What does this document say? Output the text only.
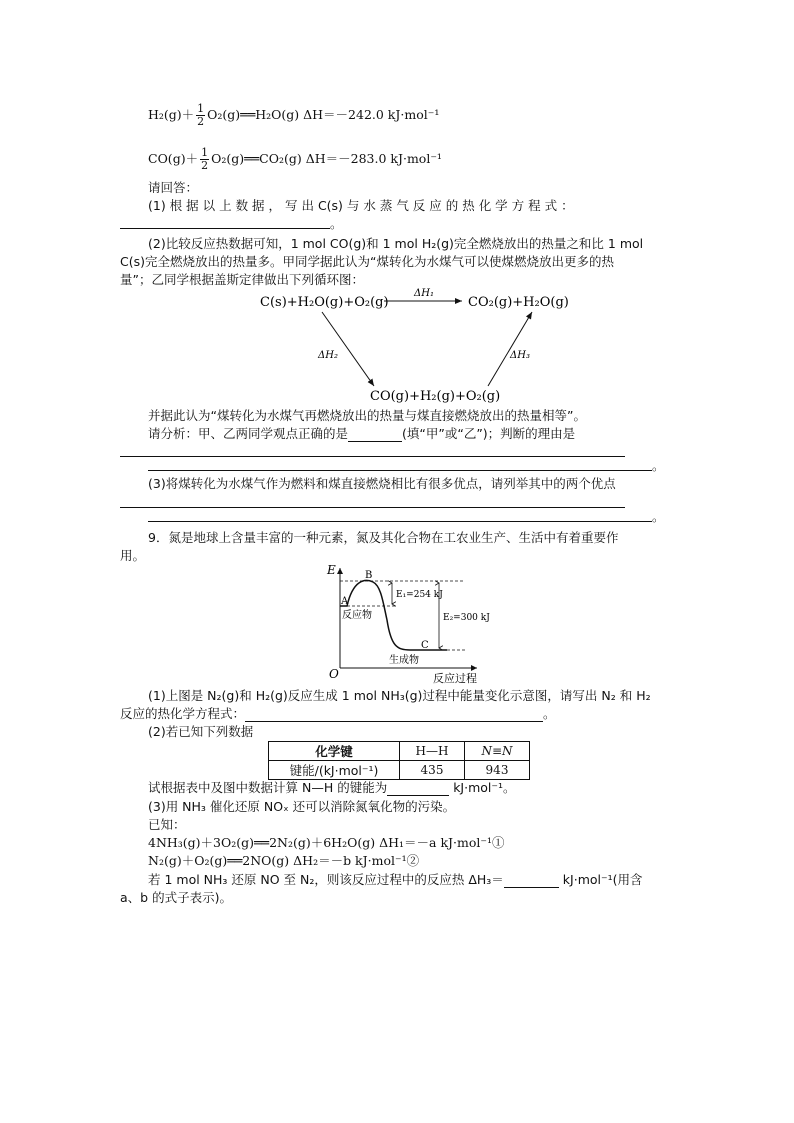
$H_2(g)+ \frac{1}{2}$ O₂(g)══H₂O(g) ΔH＝－242.0 kJ·mol⁻¹
$CO(g)+ \frac{1}{2}$ O₂(g)══CO₂(g) ΔH＝－283.0 kJ·mol⁻¹
请回答：
(1) 根 据 以 上 数 据 ， 写 出 C(s) 与 水 蒸 气 反 应 的 热 化 学 方 程 式 ：
。
(2)比较反应热数据可知，1 mol CO(g)和 1 mol H₂(g)完全燃烧放出的热量之和比 1 mol
C(s)完全燃烧放出的热量多。甲同学据此认为“煤转化为水煤气可以使煤燃烧放出更多的热
量”；乙同学根据盖斯定律做出下列循环图：
C(s)+H₂O(g)+O₂(g)	CO₂(g)+H₂O(g)
CO(g)+H₂(g)+O₂(g)
ΔH₁
ΔH₂	ΔH₃
并据此认为“煤转化为水煤气再燃烧放出的热量与煤直接燃烧放出的热量相等”。
请分析：甲、乙两同学观点正确的是	(填“甲”或“乙”)；判断的理由是
。
(3)将煤转化为水煤气作为燃料和煤直接燃烧相比有很多优点，请列举其中的两个优点
。
9．氮是地球上含量丰富的一种元素，氮及其化合物在工农业生产、生活中有着重要作
用。
E
O	反应过程
E₁=254 kJ
E₂=300 kJ
A
B
C
反应物
生成物
(1)上图是 N₂(g)和 H₂(g)反应生成 1 mol NH₃(g)过程中能量变化示意图，请写出 N₂ 和 H₂
反应的热化学方程式：	。
(2)若已知下列数据
化学键	H—H	N≡N
键能/(kJ·mol⁻¹)	435	943
试根据表中及图中数据计算 N—H 的键能为	kJ·mol⁻¹。
(3)用 NH₃ 催化还原 NOₓ 还可以消除氮氧化物的污染。
已知：
4NH₃(g)＋3O₂(g)══2N₂(g)＋6H₂O(g) ΔH₁＝－a kJ·mol⁻¹①
N₂(g)＋O₂(g)══2NO(g) ΔH₂＝－b kJ·mol⁻¹②
若 1 mol NH₃ 还原 NO 至 N₂，则该反应过程中的反应热 ΔH₃＝	kJ·mol⁻¹(用含
a、b 的式子表示)。
